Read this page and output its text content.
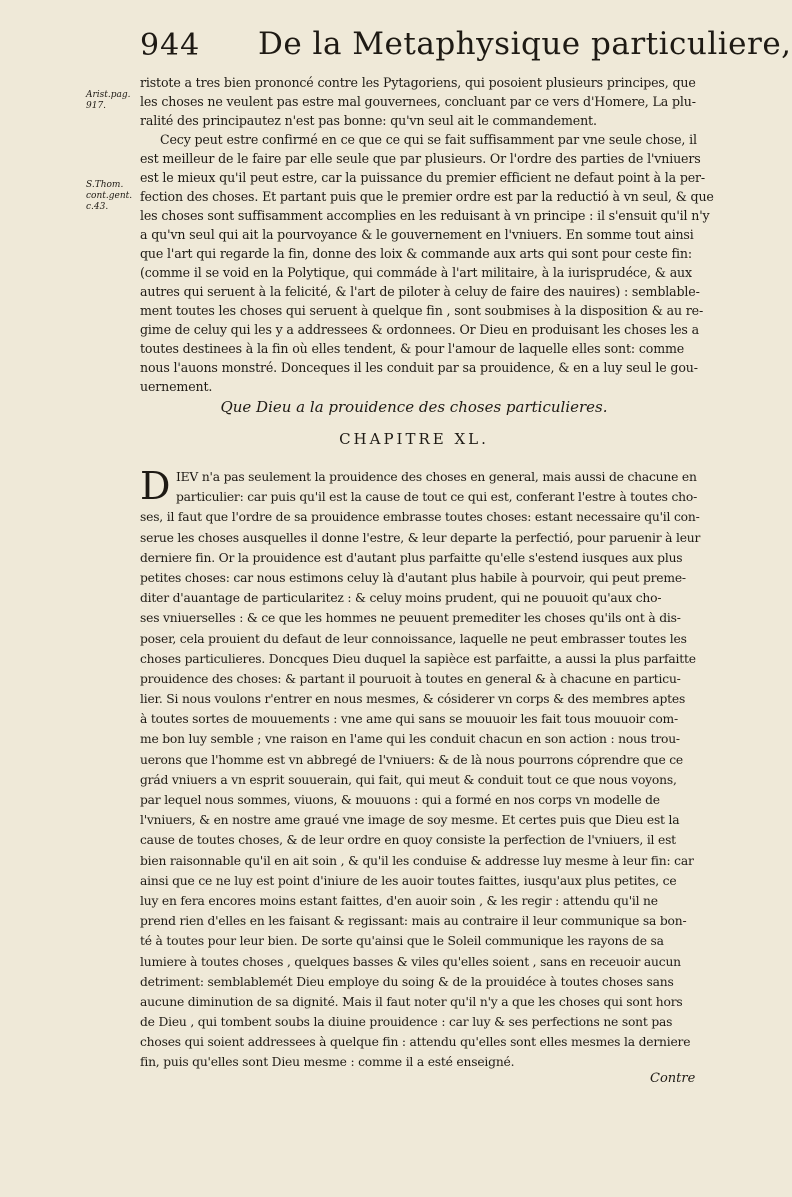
944 De la Metaphysique particuliere,
Arist.pag.
917.
S.Thom.
cont.gent.
c.43.
ristote a tres bien prononcé contre les Pytagoriens, qui posoient plusieurs principes, que
les choses ne veulent pas estre mal gouvernees, concluant par ce vers d'Homere, La plu-
ralité des principautez n'est pas bonne: qu'vn seul ait le commandement.
Cecy peut estre confirmé en ce que ce qui se fait suffisamment par vne seule chose, il
est meilleur de le faire par elle seule que par plusieurs. Or l'ordre des parties de l'vniuers
est le mieux qu'il peut estre, car la puissance du premier efficient ne defaut point à la per-
fection des choses. Et partant puis que le premier ordre est par la reductió à vn seul, & que
les choses sont suffisamment accomplies en les reduisant à vn principe : il s'ensuit qu'il n'y
a qu'vn seul qui ait la pourvoyance & le gouvernement en l'vniuers. En somme tout ainsi
que l'art qui regarde la fin, donne des loix & commande aux arts qui sont pour ceste fin:
(comme il se void en la Polytique, qui commáde à l'art militaire, à la iurisprudéce, & aux
autres qui seruent à la felicité, & l'art de piloter à celuy de faire des nauires) : semblable-
ment toutes les choses qui seruent à quelque fin , sont soubmises à la disposition & au re-
gime de celuy qui les y a addressees & ordonnees. Or Dieu en produisant les choses les a
toutes destinees à la fin où elles tendent, & pour l'amour de laquelle elles sont: comme
nous l'auons monstré. Donceques il les conduit par sa prouidence, & en a luy seul le gou-
uernement.
Que Dieu a la prouidence des choses particulieres.
CHAPITRE XL.
D IEV n'a pas seulement la prouidence des choses en general, mais aussi de chacune en
particulier: car puis qu'il est la cause de tout ce qui est, conferant l'estre à toutes cho-
ses, il faut que l'ordre de sa prouidence embrasse toutes choses: estant necessaire qu'il con-
serue les choses ausquelles il donne l'estre, & leur departe la perfectió, pour paruenir à leur
derniere fin. Or la prouidence est d'autant plus parfaitte qu'elle s'estend iusques aux plus
petites choses: car nous estimons celuy là d'autant plus habile à pourvoir, qui peut preme-
diter d'auantage de particularitez : & celuy moins prudent, qui ne pouuoit qu'aux cho-
ses vniuerselles : & ce que les hommes ne peuuent premediter les choses qu'ils ont à dis-
poser, cela prouient du defaut de leur connoissance, laquelle ne peut embrasser toutes les
choses particulieres. Doncques Dieu duquel la sapièce est parfaitte, a aussi la plus parfaitte
prouidence des choses: & partant il pouruoit à toutes en general & à chacune en particu-
lier. Si nous voulons r'entrer en nous mesmes, & cósiderer vn corps & des membres aptes
à toutes sortes de mouuements : vne ame qui sans se mouuoir les fait tous mouuoir com-
me bon luy semble ; vne raison en l'ame qui les conduit chacun en son action : nous trou-
uerons que l'homme est vn abbregé de l'vniuers: & de là nous pourrons cóprendre que ce
grád vniuers a vn esprit souuerain, qui fait, qui meut & conduit tout ce que nous voyons,
par lequel nous sommes, viuons, & mouuons : qui a formé en nos corps vn modelle de
l'vniuers, & en nostre ame graué vne image de soy mesme. Et certes puis que Dieu est la
cause de toutes choses, & de leur ordre en quoy consiste la perfection de l'vniuers, il est
bien raisonnable qu'il en ait soin , & qu'il les conduise & addresse luy mesme à leur fin: car
ainsi que ce ne luy est point d'iniure de les auoir toutes faittes, iusqu'aux plus petites, ce
luy en fera encores moins estant faittes, d'en auoir soin , & les regir : attendu qu'il ne
prend rien d'elles en les faisant & regissant: mais au contraire il leur communique sa bon-
té à toutes pour leur bien. De sorte qu'ainsi que le Soleil communique les rayons de sa
lumiere à toutes choses , quelques basses & viles qu'elles soient , sans en receuoir aucun
detriment: semblablemét Dieu employe du soing & de la prouidéce à toutes choses sans
aucune diminution de sa dignité. Mais il faut noter qu'il n'y a que les choses qui sont hors
de Dieu , qui tombent soubs la diuine prouidence : car luy & ses perfections ne sont pas
choses qui soient addressees à quelque fin : attendu qu'elles sont elles mesmes la derniere
fin, puis qu'elles sont Dieu mesme : comme il a esté enseigné.
Contre
